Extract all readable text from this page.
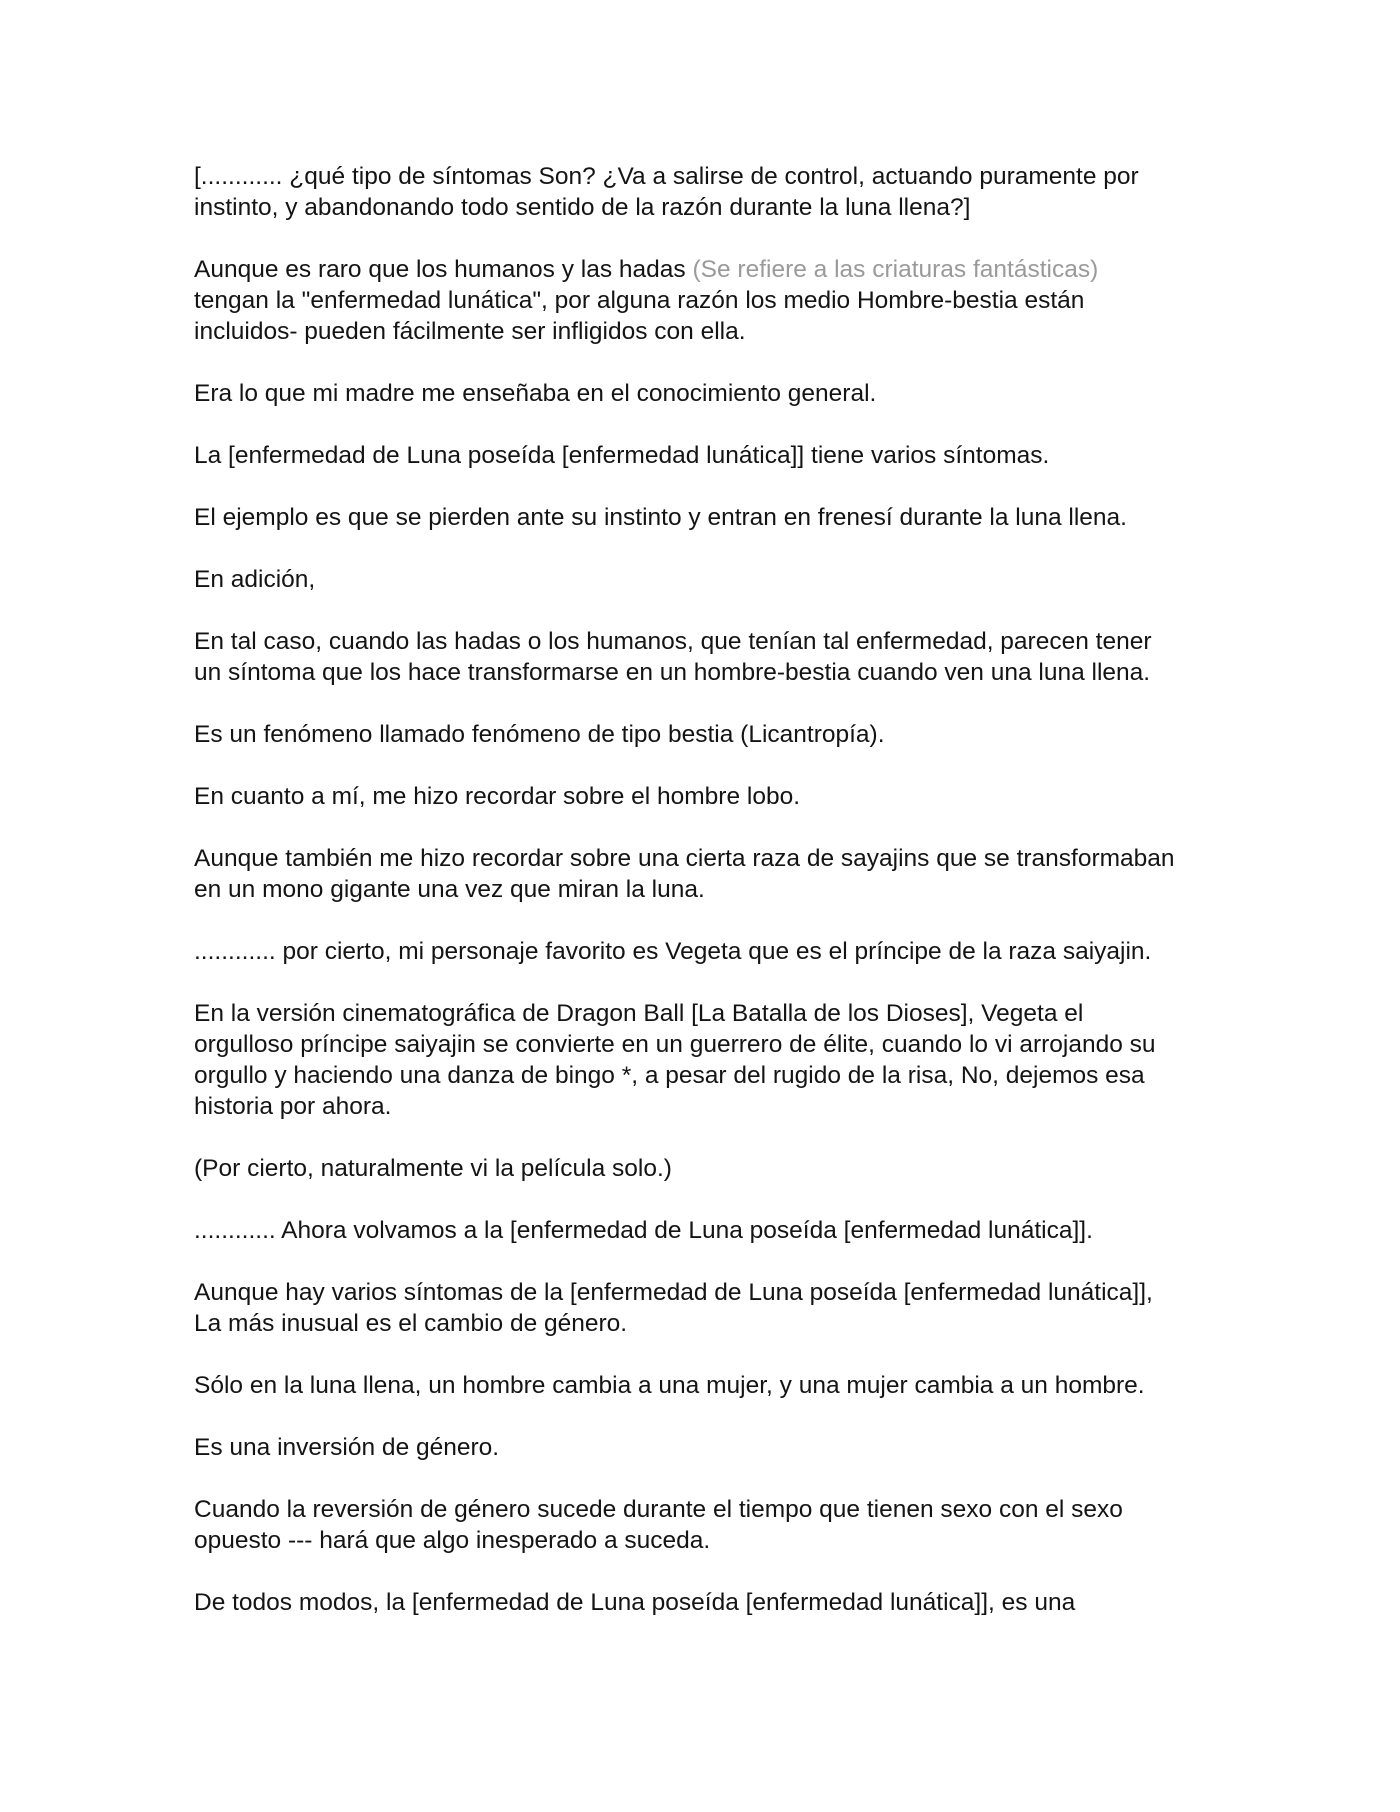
[............ ¿qué tipo de síntomas Son? ¿Va a salirse de control, actuando puramente por
instinto, y abandonando todo sentido de la razón durante la luna llena?]

Aunque es raro que los humanos y las hadas (Se refiere a las criaturas fantásticas)
tengan la "enfermedad lunática", por alguna razón los medio Hombre-bestia están
incluidos- pueden fácilmente ser infligidos con ella.

Era lo que mi madre me enseñaba en el conocimiento general.

La [enfermedad de Luna poseída [enfermedad lunática]] tiene varios síntomas.

El ejemplo es que se pierden ante su instinto y entran en frenesí durante la luna llena.

En adición,

En tal caso, cuando las hadas o los humanos, que tenían tal enfermedad, parecen tener
un síntoma que los hace transformarse en un hombre-bestia cuando ven una luna llena.

Es un fenómeno llamado fenómeno de tipo bestia (Licantropía).

En cuanto a mí, me hizo recordar sobre el hombre lobo.

Aunque también me hizo recordar sobre una cierta raza de sayajins que se transformaban
en un mono gigante una vez que miran la luna.

............ por cierto, mi personaje favorito es Vegeta que es el príncipe de la raza saiyajin.

En la versión cinematográfica de Dragon Ball [La Batalla de los Dioses], Vegeta el
orgulloso príncipe saiyajin se convierte en un guerrero de élite, cuando lo vi arrojando su
orgullo y haciendo una danza de bingo *, a pesar del rugido de la risa, No, dejemos esa
historia por ahora.

(Por cierto, naturalmente vi la película solo.)

............ Ahora volvamos a la [enfermedad de Luna poseída [enfermedad lunática]].

Aunque hay varios síntomas de la [enfermedad de Luna poseída [enfermedad lunática]],
La más inusual es el cambio de género.

Sólo en la luna llena, un hombre cambia a una mujer, y una mujer cambia a un hombre.

Es una inversión de género.

Cuando la reversión de género sucede durante el tiempo que tienen sexo con el sexo
opuesto --- hará que algo inesperado a suceda.

De todos modos, la [enfermedad de Luna poseída [enfermedad lunática]], es una
